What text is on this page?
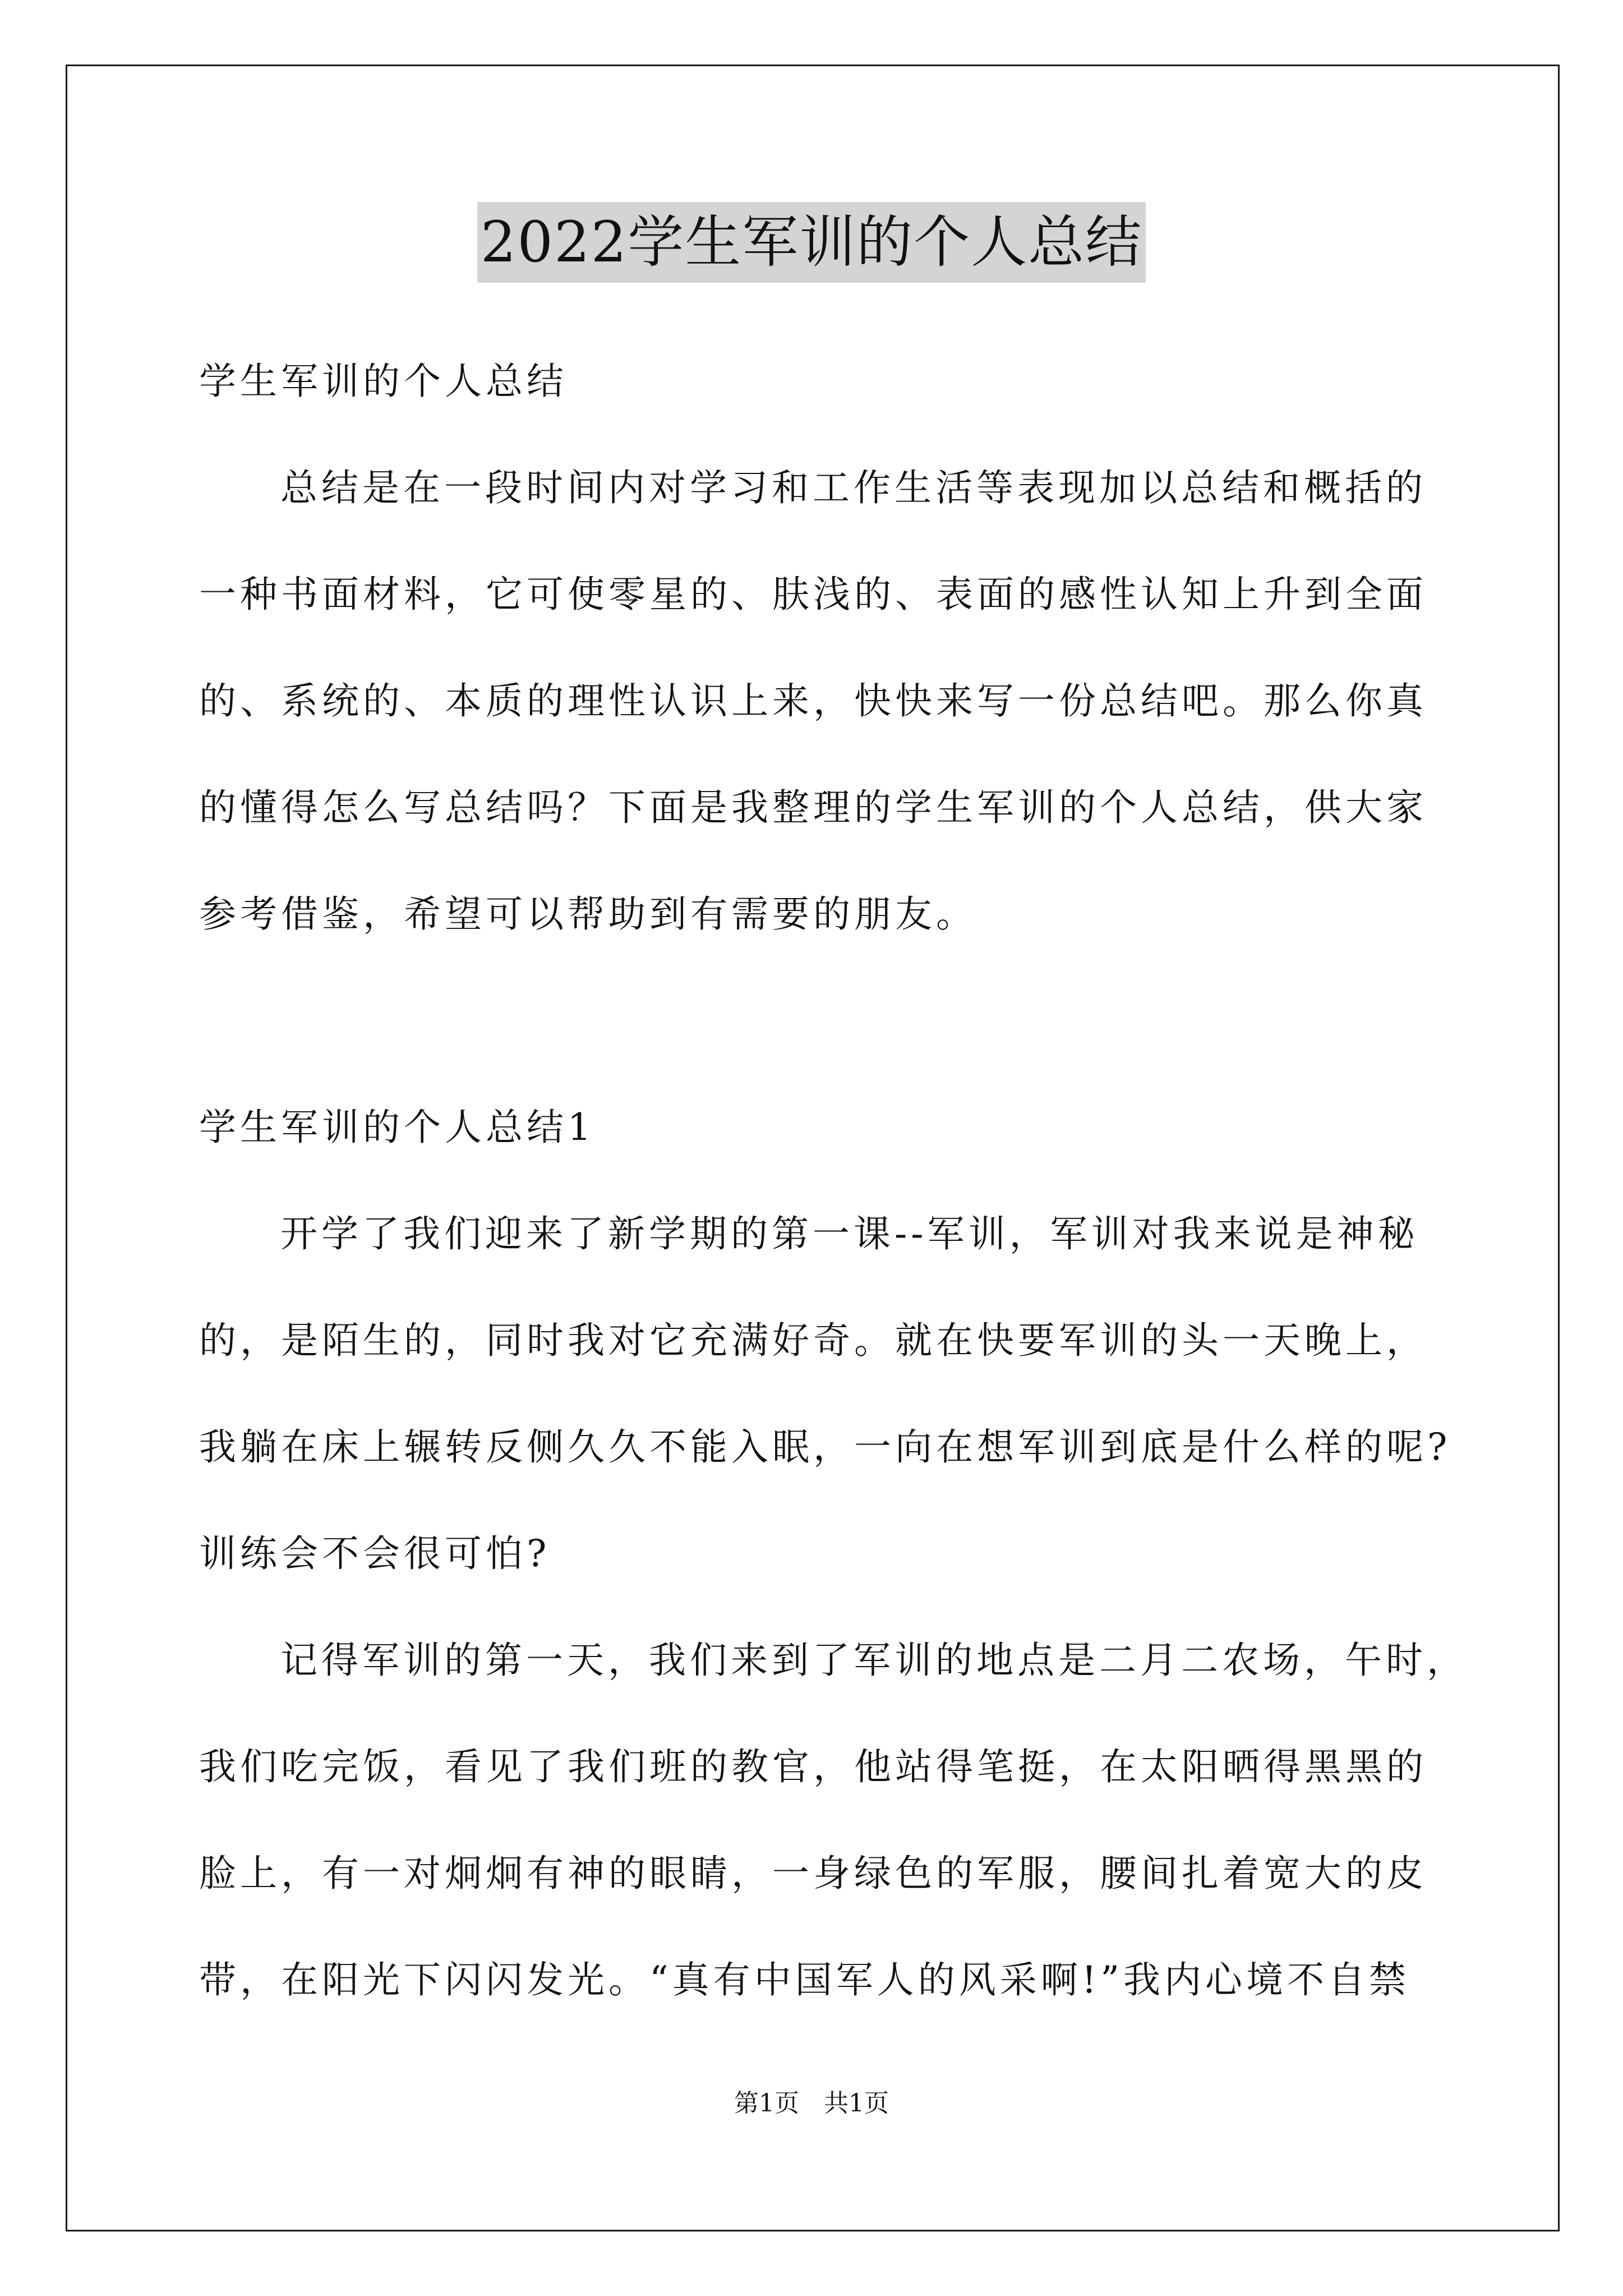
2022学生军训的个人总结
学生军训的个人总结
总结是在一段时间内对学习和工作生活等表现加以总结和概括的
一种书面材料，它可使零星的、肤浅的、表面的感性认知上升到全面
的、系统的、本质的理性认识上来，快快来写一份总结吧。那么你真
的懂得怎么写总结吗？下面是我整理的学生军训的个人总结，供大家
参考借鉴，希望可以帮助到有需要的朋友。
学生军训的个人总结1
开学了我们迎来了新学期的第一课--军训，军训对我来说是神秘
的，是陌生的，同时我对它充满好奇。就在快要军训的头一天晚上，
我躺在床上辗转反侧久久不能入眠，一向在想军训到底是什么样的呢?
训练会不会很可怕?
记得军训的第一天，我们来到了军训的地点是二月二农场，午时，
我们吃完饭，看见了我们班的教官，他站得笔挺，在太阳晒得黑黑的
脸上，有一对炯炯有神的眼睛，一身绿色的军服，腰间扎着宽大的皮
带，在阳光下闪闪发光。“真有中国军人的风采啊!”我内心境不自禁
第1页　共1页
